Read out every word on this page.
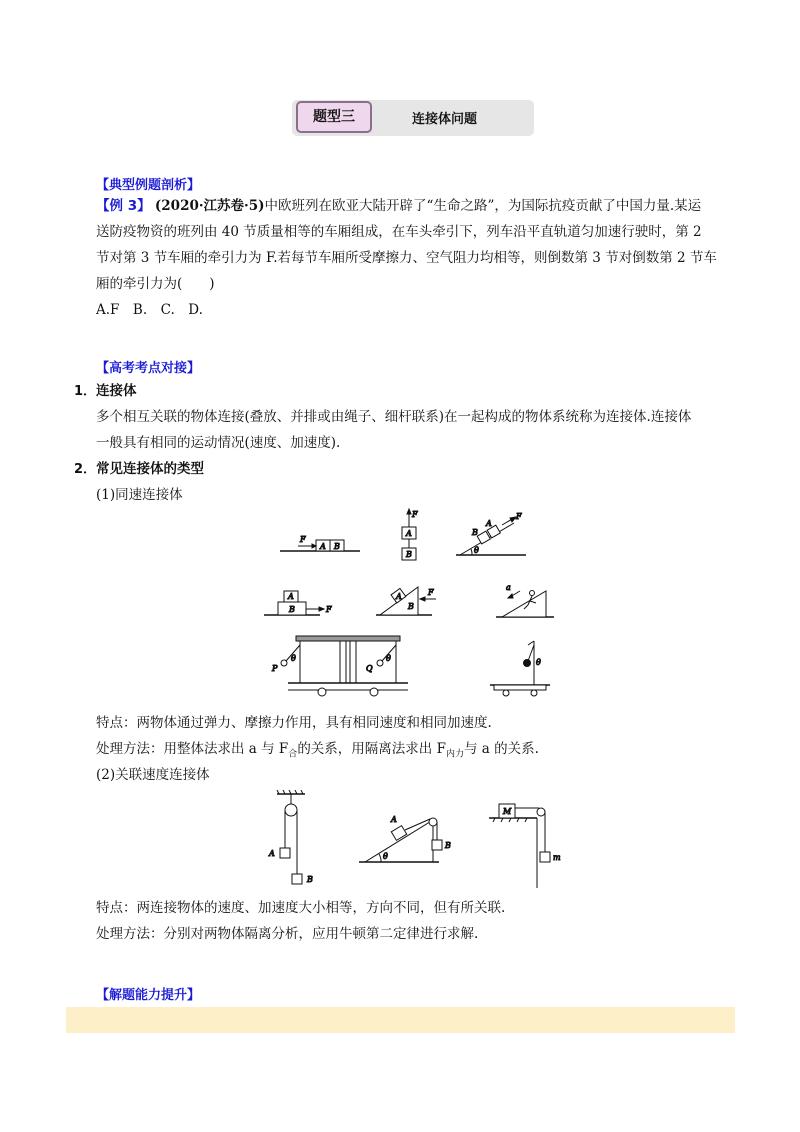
题型三	连接体问题
【典型例题剖析】
【例 3】 (2020·江苏卷·5)中欧班列在欧亚大陆开辟了“生命之路”，为国际抗疫贡献了中国力量.某运
送防疫物资的班列由 40 节质量相等的车厢组成，在车头牵引下，列车沿平直轨道匀加速行驶时，第 2
节对第 3 节车厢的牵引力为 F.若每节车厢所受摩擦力、空气阻力均相等，则倒数第 3 节对倒数第 2 节车
厢的牵引力为(　　)
A.F　B.　C.　D.
【高考考点对接】
1．连接体
多个相互关联的物体连接(叠放、并排或由绳子、细杆联系)在一起构成的物体系统称为连接体.连接体
一般具有相同的运动情况(速度、加速度).
2．常见连接体的类型
(1)同速连接体
F
A B
F
A
B
F
A
B
θ
F
A
B
F
A
B
a
P
θ
Q
θ	θ
特点：两物体通过弹力、摩擦力作用，具有相同速度和相同加速度.
处理方法：用整体法求出 a 与 $F_合$的关系，用隔离法求出 $F_{内力}$与 a 的关系.
(2)关联速度连接体
A
B
A
B
θ
M
m
特点：两连接物体的速度、加速度大小相等，方向不同，但有所关联.
处理方法：分别对两物体隔离分析，应用牛顿第二定律进行求解.
【解题能力提升】
